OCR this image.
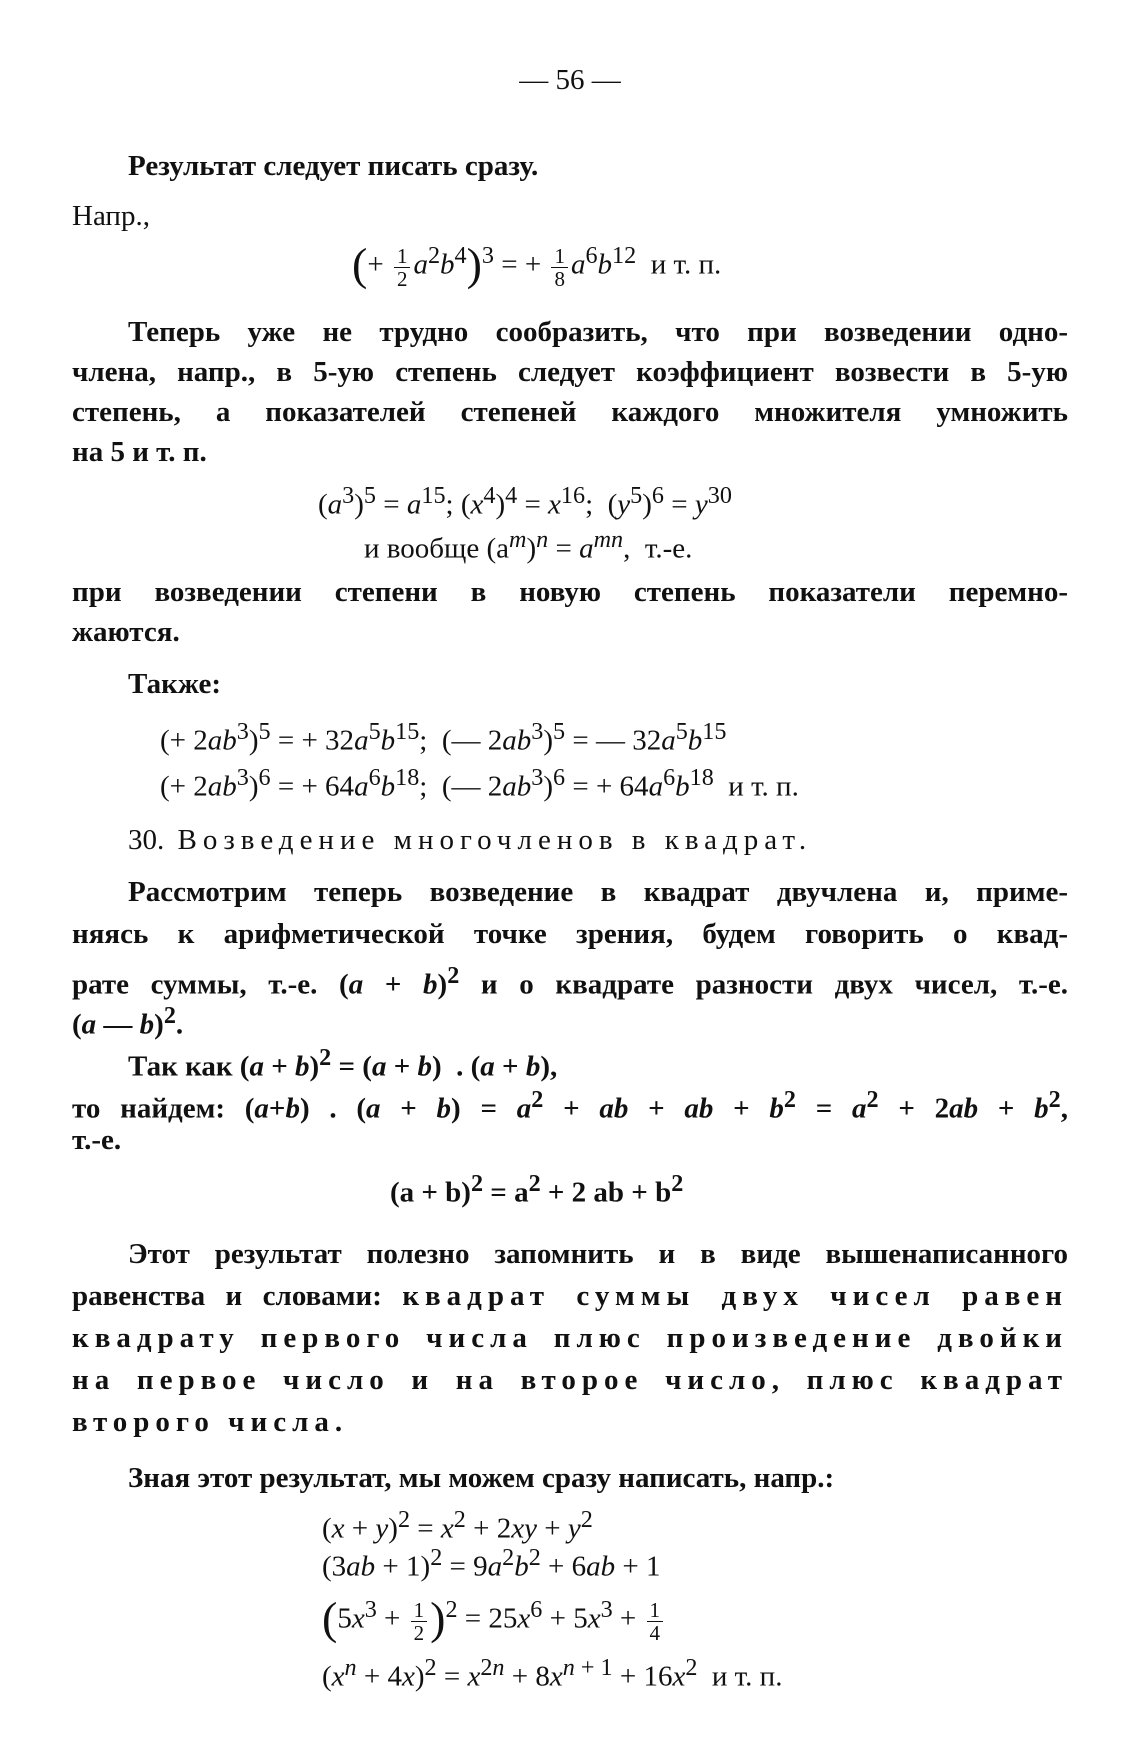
— 56 —
Результат следует писать сразу.
Напр.,
(+ $\frac{1}{2} a^2b^4)^3$ = + $\frac{1}{8} a^6b^{12}$  и т. п.
Теперь уже не трудно сообразить, что при возведении одно-
члена, напр., в 5-ую степень следует коэффициент возвести в 5-ую
степень, а показателей степеней каждого множителя умножить
на 5 и т. п.
$(a^3)^5 = a^{15}$; $(x^4)^4 = x^{16}$;  $(y^5)^6 = y^{30}$
и вообще $(a^m)^n = a^{mn}$,  т.-е.
при возведении степени в новую степень показатели перемно-
жаются.
Также:
(+ $2ab^3)^5$ = + $32a^5b^{15}$;  (— $2ab^3)^5$ = — $32a^5b^{15}$
(+ $2ab^3)^6$ = + $64a^6b^{18}$;  (— $2ab^3)^6$ = + $64a^6b^{18}$  и т. п.
30. Возведение многочленов в квадрат.
Рассмотрим теперь возведение в квадрат двучлена и, приме-
няясь к арифметической точке зрения, будем говорить о квад-
рате суммы, т.-е. $(a + b)^2$ и о квадрате разности двух чисел, т.-е.
(a — b)$^2$.
Так как $(a + b)^2 = (a + b)$  . (a + b),
то найдем: (a+b) . $(a + b) = a^2$ + ab + ab + $b^2 = a^2 + 2ab + b^2$,
т.-е.
$(a + b)^2 = a^2 + 2$ ab + $b^2$
Этот результат полезно запомнить и в виде вышенаписанного
равенства и словами: квадрат суммы двух чисел равен
квадрату первого числа плюс произведение двойки
на первое число и на второе число, плюс квадрат
второго числа.
Зная этот результат, мы можем сразу написать, напр.:
$(x + y)^2 = x^2 + 2xy + y^2$
$(3ab + 1)^2 = 9a^2b^2 + 6ab + 1$
$(5x^3 + \frac{1}{2} )^2 = 25x^6 + 5x^3 + \frac{1}{4}$
$(x^n + 4x)^2 = x^{2n} + 8x^{n + 1} + 16x^2$  и т. п.
